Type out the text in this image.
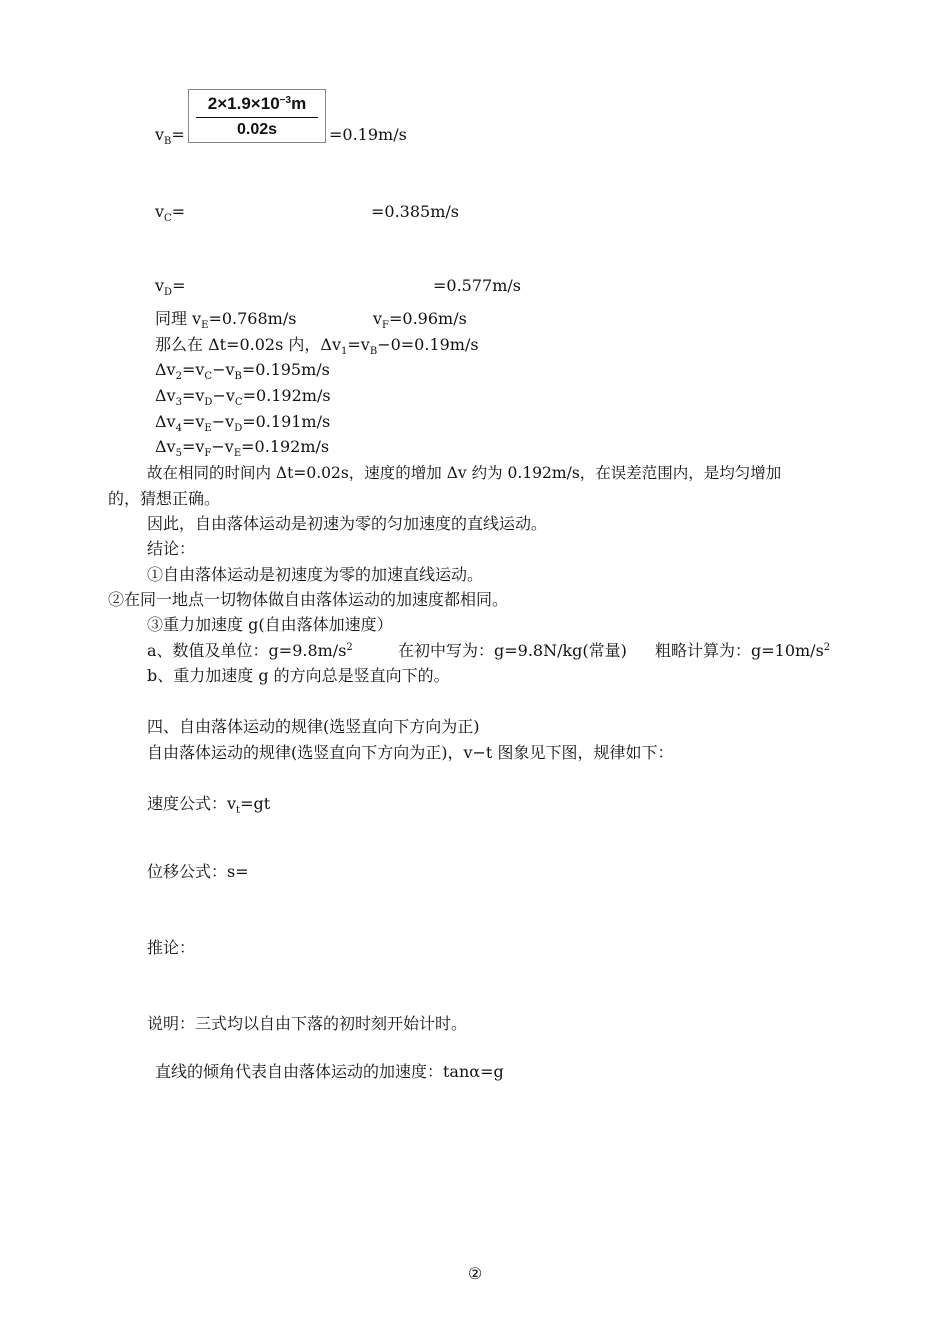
$v_B=$
$2\times 1.9\times 10^{-3}m$
0.02s	=0.19m/s
$v_C=$	=0.385m/s
$v_D=$	=0.577m/s
同理 $v_E=0.768m/s$	$v_F=0.96m/s$
那么在 Δt=0.02s 内，$\Delta v_1=v_B-0=0.19m/s$
$\Delta v_2=v_C-v_B=0.195m/s$
$\Delta v_3=v_D-v_C=0.192m/s$
$\Delta v_4=v_E-v_D=0.191m/s$
$\Delta v_5=v_F-v_E=0.192m/s$
故在相同的时间内 Δt=0.02s，速度的增加 Δv 约为 0.192m/s，在误差范围内，是均匀增加
的，猜想正确。
因此，自由落体运动是初速为零的匀加速度的直线运动。
结论：
①自由落体运动是初速度为零的加速直线运动。
②在同一地点一切物体做自由落体运动的加速度都相同。
③重力加速度 g(自由落体加速度）
a、数值及单位：$g=9.8m/s^2$	在初中写为：g=9.8N/kg(常量) 粗略计算为：$g=10m/s^2$
b、重力加速度 g 的方向总是竖直向下的。
四、自由落体运动的规律(选竖直向下方向为正)
自由落体运动的规律(选竖直向下方向为正)，v−t 图象见下图，规律如下：
速度公式：$v_t=gt$
位移公式：s=
推论：
说明：三式均以自由下落的初时刻开始计时。
直线的倾角代表自由落体运动的加速度：tanα=g
②
